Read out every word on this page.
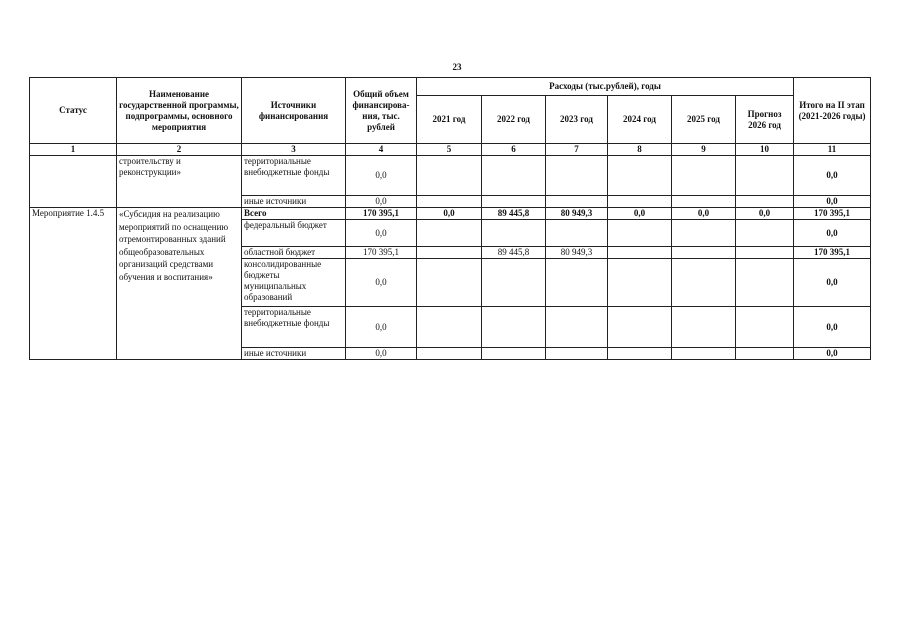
23
Статус	Наименование государственной программы, подпрограммы, основного мероприятия	Источники финансирования	Общий объем финансирова-ния, тыс. рублей	Расходы (тыс.рублей), годы						Итого на II этап (2021-2026 годы)
				2021 год	2022 год	2023 год	2024 год	2025 год	Прогноз 2026 год	
1	2	3	4	5	6	7	8	9	10	11
	строительству и реконструкции»	территориальные внебюджетные фонды	0,0							0,0
		иные источники	0,0							0,0
Мероприятие 1.4.5	«Субсидия на реализацию мероприятий по оснащению отремонтированных зданий общеобразовательных организаций средствами обучения и воспитания»	Всего	170 395,1	0,0	89 445,8	80 949,3	0,0	0,0	0,0	170 395,1
		федеральный бюджет	0,0							0,0
		областной бюджет	170 395,1		89 445,8	80 949,3				170 395,1
		консолидированные бюджеты муниципальных образований	0,0							0,0
		территориальные внебюджетные фонды	0,0							0,0
		иные источники	0,0							0,0
